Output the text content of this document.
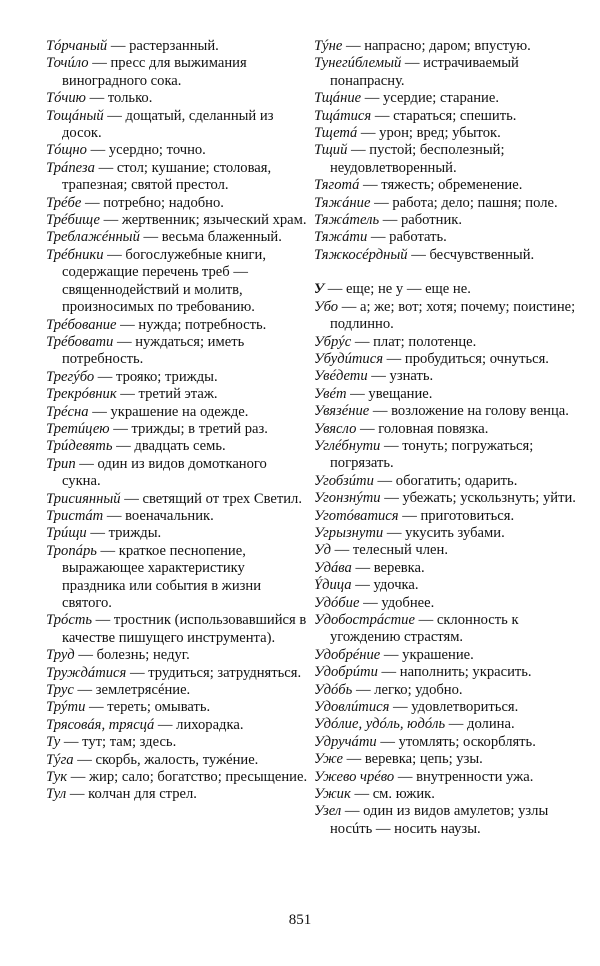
Тóрчаный — растерзанный.

Точúло — пресс для выжимания виноградного сока.

Тóчию — только.

Тощáный — дощатый, сделанный из досок.

Тóщно — усердно; точно.

Трáпеза — стол; кушание; столовая, трапезная; святой престол.

Трéбе — потребно; надобно.

Трéбище — жертвенник; языческий храм.

Треблажéнный — весьма блаженный.

Трéбники — богослужебные книги, содержащие перечень треб — священнодействий и молитв, произносимых по требованию.

Трéбование — нужда; потребность.

Трéбовати — нуждаться; иметь потребность.

Трегýбо — трояко; трижды.

Трекрóвник — третий этаж.

Трéсна — украшение на одежде.

Третúцею — трижды; в третий раз.

Трúдевять — двадцать семь.

Трип — один из видов домотканого сукна.

Трисиянный — светящий от трех Светил.

Тристáт — военачальник.

Трúщи — трижды.

Тропáрь — краткое песнопение, выражающее характеристику праздника или события в жизни святого.

Трóсть — тростник (использовавшийся в качестве пишущего инструмента).

Труд — болезнь; недуг.

Труждáтися — трудиться; затрудняться.

Трус — землетрясéние.

Трýти — тереть; омывать.

Трясовáя, трясцá — лихорадка.

Ту — тут; там; здесь.

Тýга — скорбь, жалость, тужéние.

Тук — жир; сало; богатство; пресыщение.

Тул — колчан для стрел.

Тýне — напрасно; даром; впустую.

Тунегúблемый — истрачиваемый понапрасну.

Тщáние — усердие; старание.

Тщáтися — стараться; спешить.

Тщетá — урон; вред; убыток.

Тщий — пустой; бесполезный; неудовлетворенный.

Тяготá — тяжесть; обременение.

Тяжáние — работа; дело; пашня; поле.

Тяжáтель — работник.

Тяжáти — работать.

Тяжкосéрдный — бесчувственный.

У — еще; не у — еще не.

Убо — а; же; вот; хотя; почему; поистине; подлинно.

Убрýс — плат; полотенце.

Убудúтися — пробудиться; очнуться.

Увéдети — узнать.

Увéт — увещание.

Увязéние — возложение на голову венца.

Увясло — головная повязка.

Углéбнути — тонуть; погружаться; погрязать.

Угобзúти — обогатить; одарить.

Угонзнýти — убежать; ускользнуть; уйти.

Уготóватися — приготовиться.

Угрызнути — укусить зубами.

Уд — телесный член.

Удáва — веревка.

Ýдица — удочка.

Удóбие — удобнее.

Удобострáстие — склонность к угождению страстям.

Удобрéние — украшение.

Удобрúти — наполнить; украсить.

Удóбь — легко; удобно.

Удовлúтися — удовлетвориться.

Удóлие, удóль, юдóль — долина.

Удручáти — утомлять; оскорблять.

Уже — веревка; цепь; узы.

Ужево чрéво — внутренности ужа.

Ужик — см. южик.

Узел — один из видов амулетов; узлы носúть — носить наузы.

851
